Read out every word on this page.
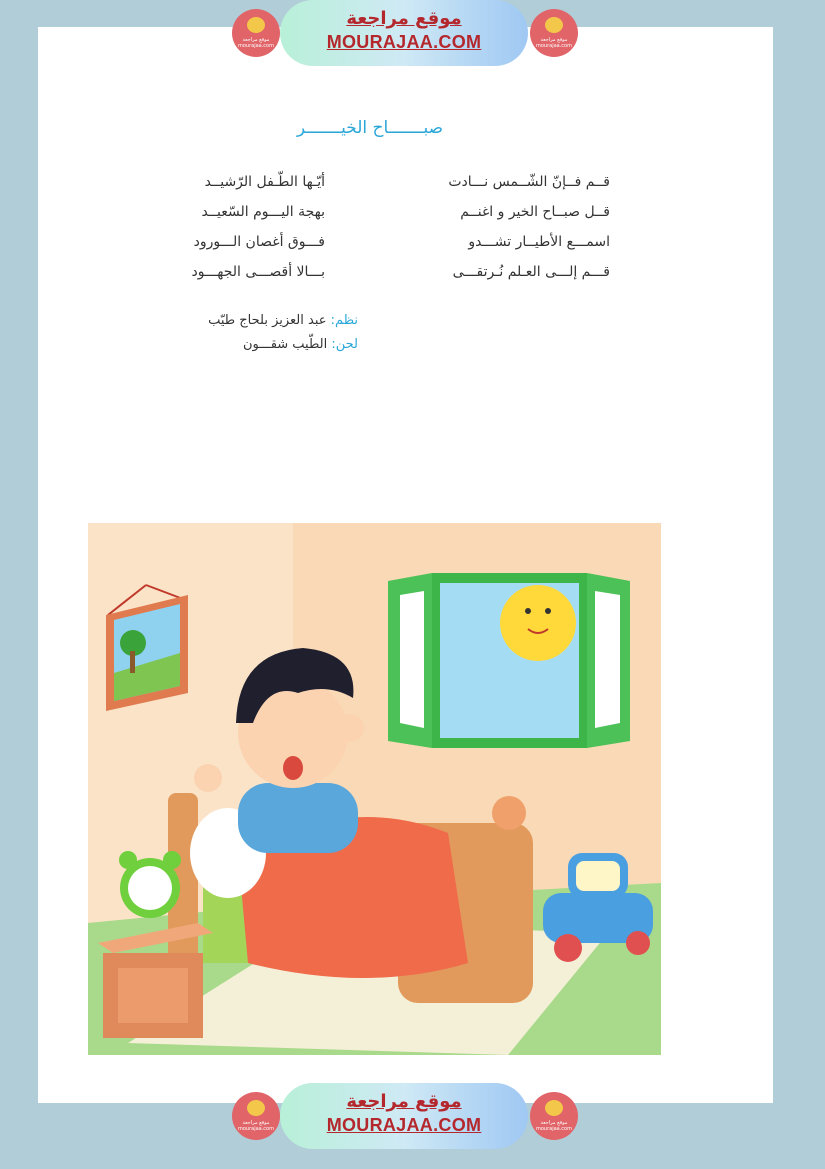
موقع مراجعة mourajaa.com
موقع مراجعة
MOURAJAA.COM	موقع مراجعة mourajaa.com
صبـــــــاح الخيـــــــر
قــم فــإنّ الشّــمس نـــادت
أيّـها الطّـفل الرّشيــد
قــل صبــاح الخير و اغنــم
بهجة اليـــوم السّعيــد
اسمـــع الأطيــار تشـــدو
فـــوق أغصان الـــورود
قـــم إلـــى العـلم نُـرتقـــى
بـــالا أقصـــى الجهـــود
نظم: عبد العزيز بلحاج طيّب
لحن: الطّيب شقـــون
موقع مراجعة mourajaa.com
موقع مراجعة
MOURAJAA.COM	موقع مراجعة mourajaa.com
